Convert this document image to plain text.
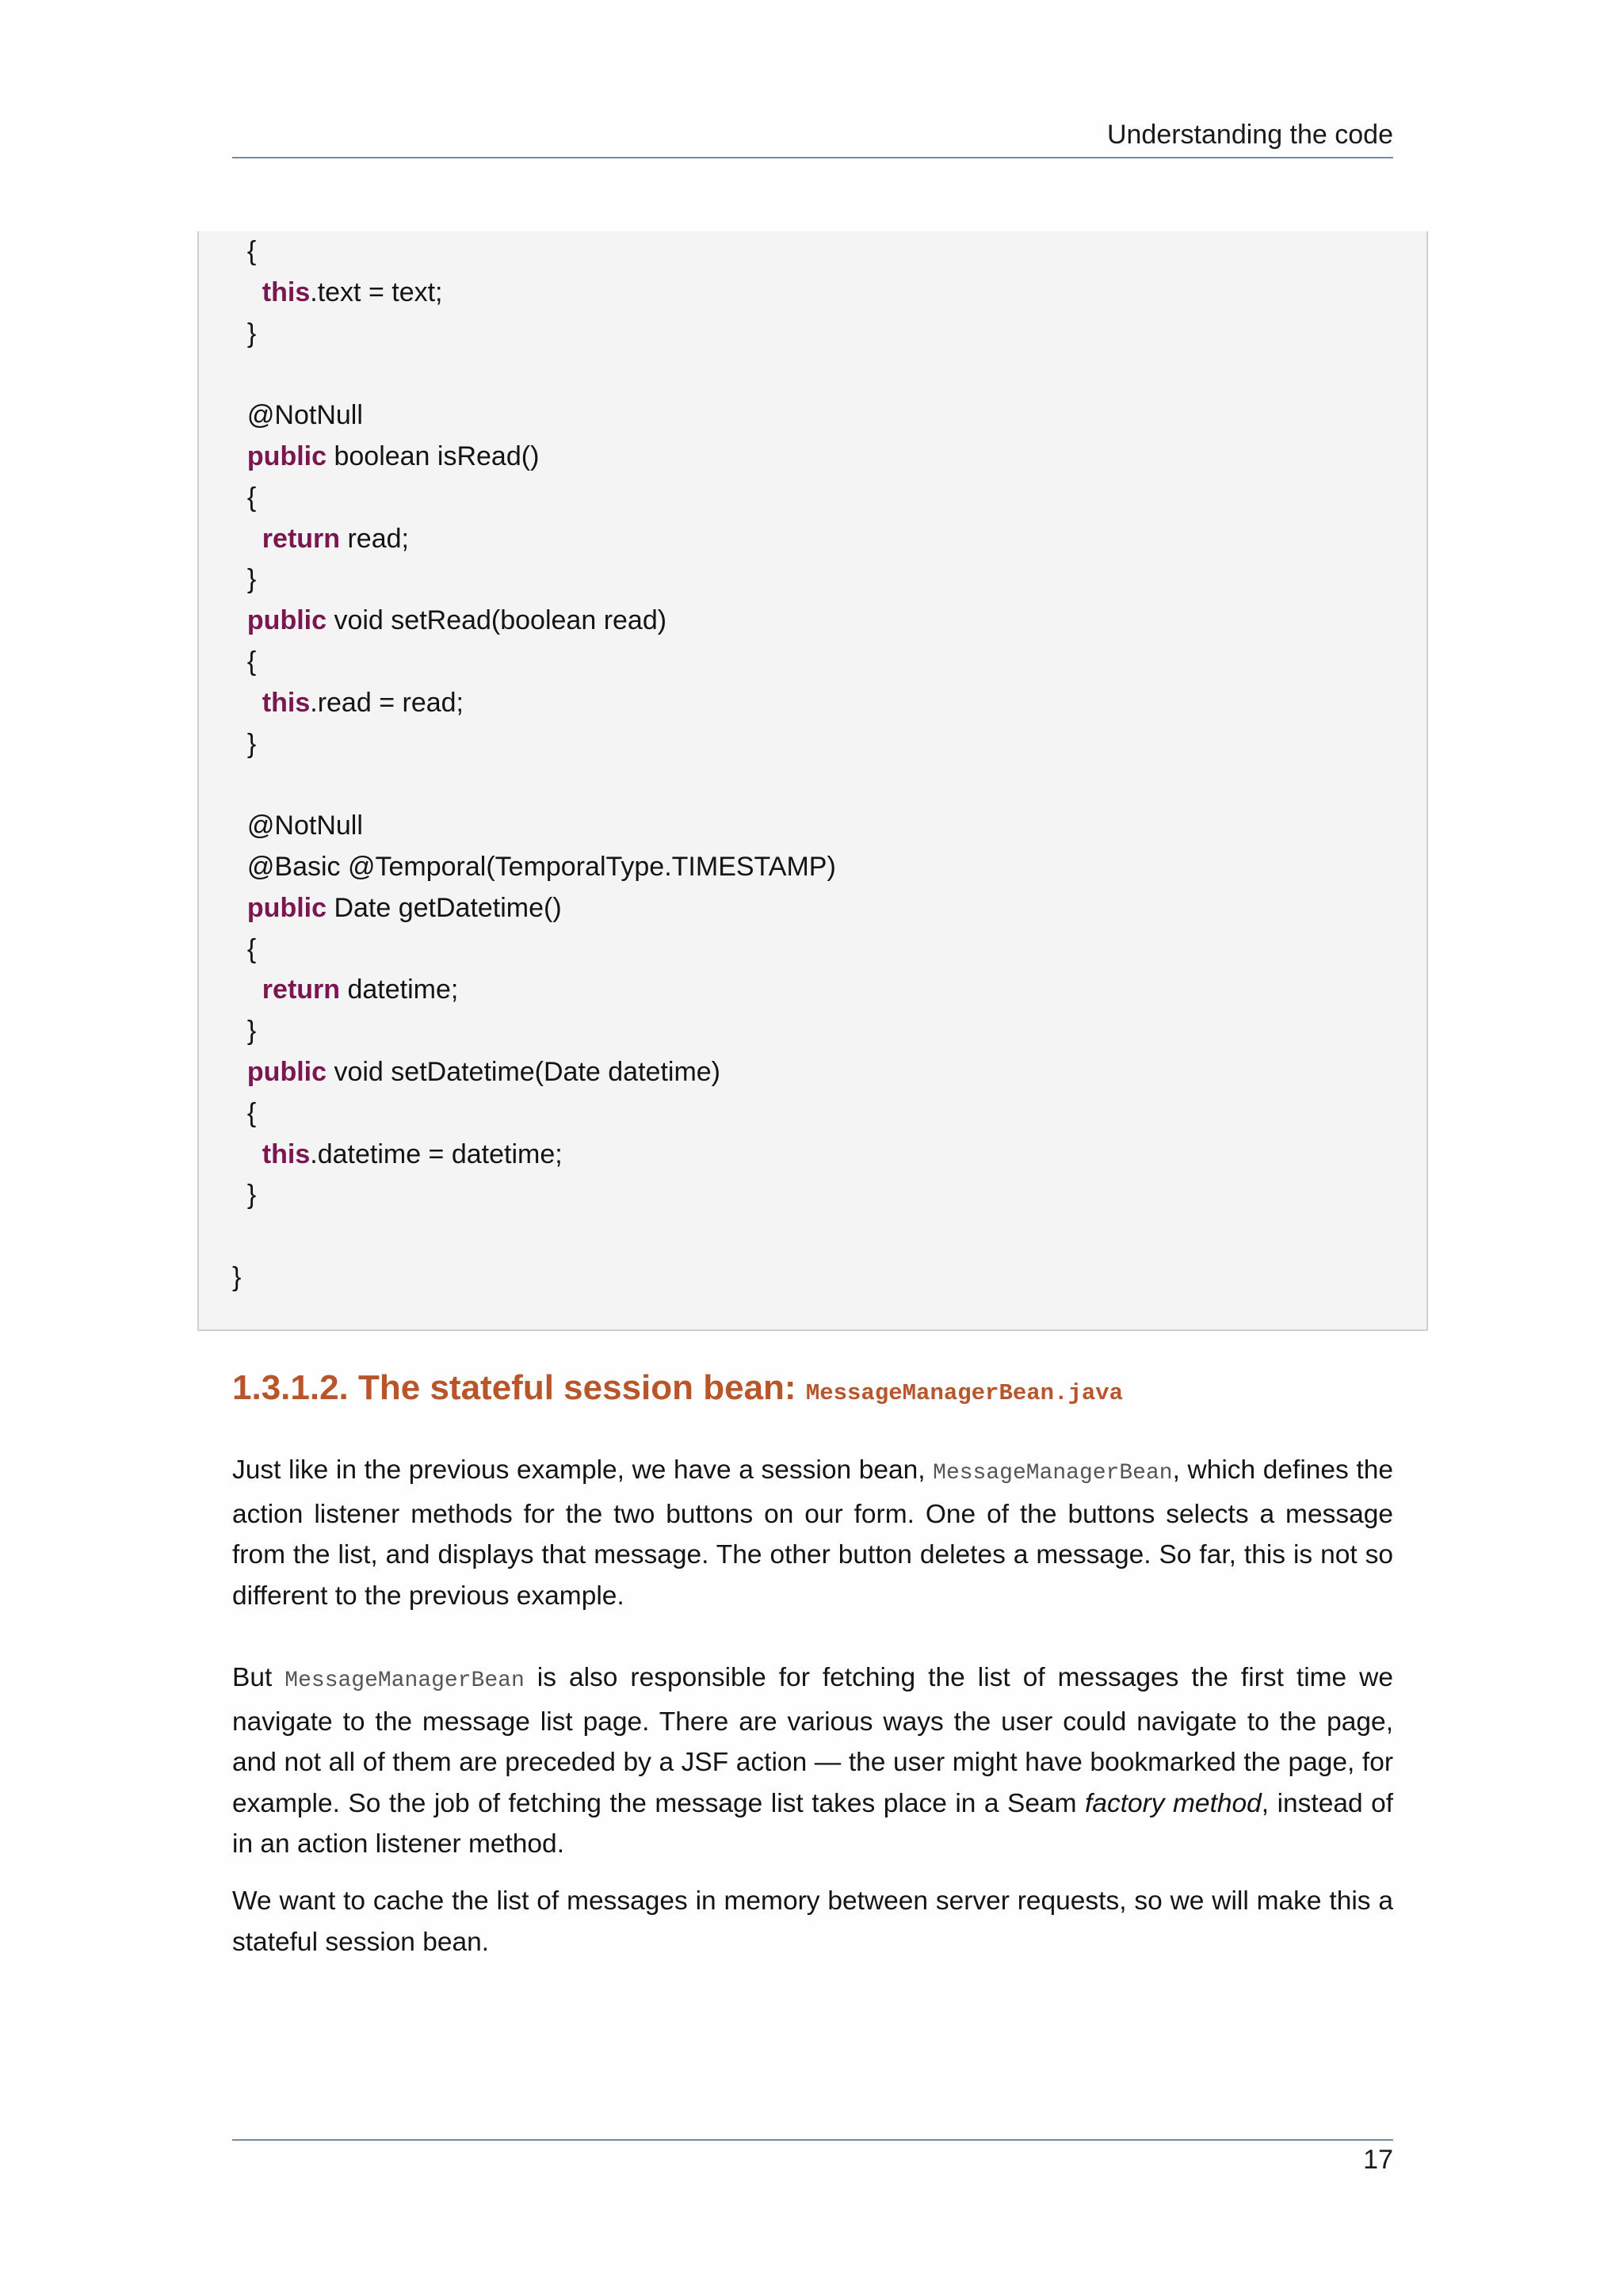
Understanding the code
{
this.text = text;
}
@NotNull
public boolean isRead()
{
return read;
}
public void setRead(boolean read)
{
this.read = read;
}
@NotNull
@Basic @Temporal(TemporalType.TIMESTAMP)
public Date getDatetime()
{
return datetime;
}
public void setDatetime(Date datetime)
{
this.datetime = datetime;
}
}
1.3.1.2. The stateful session bean: MessageManagerBean.java
Just like in the previous example, we have a session bean, MessageManagerBean, which defines the action listener methods for the two buttons on our form. One of the buttons selects a message from the list, and displays that message. The other button deletes a message. So far, this is not so different to the previous example.
But MessageManagerBean is also responsible for fetching the list of messages the first time we navigate to the message list page. There are various ways the user could navigate to the page, and not all of them are preceded by a JSF action — the user might have bookmarked the page, for example. So the job of fetching the message list takes place in a Seam factory method, instead of in an action listener method.
We want to cache the list of messages in memory between server requests, so we will make this a stateful session bean.
17
